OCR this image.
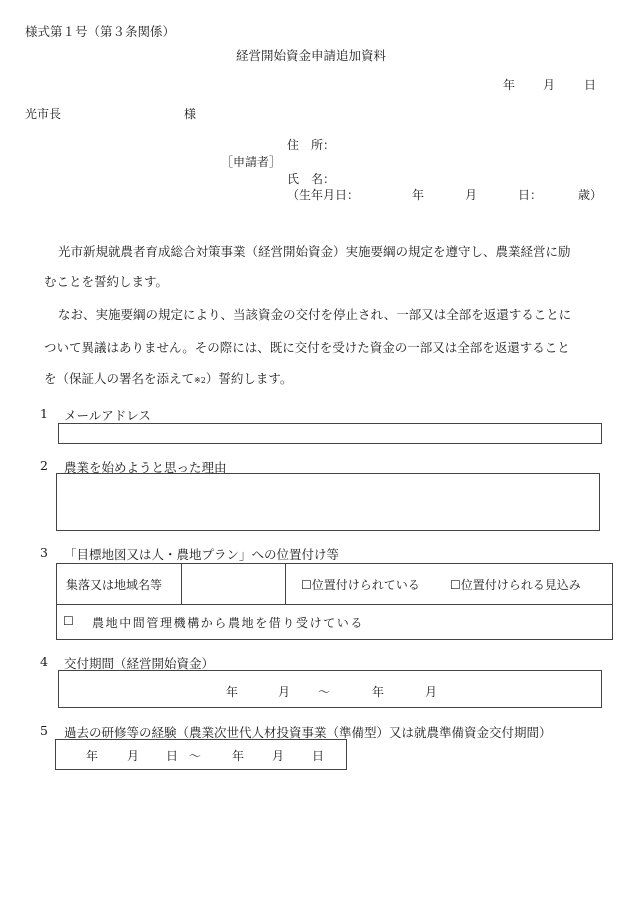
様式第１号（第３条関係）
経営開始資金申請追加資料
年 月 日
光市長	様
住　所：
［申請者］
氏　名：
（生年月日：	年	月	日：	歳）
光市新規就農者育成総合対策事業（経営開始資金）実施要綱の規定を遵守し、農業経営に励
むことを誓約します。
なお、実施要綱の規定により、当該資金の交付を停止され、一部又は全部を返還することに
ついて異議はありません。その際には、既に交付を受けた資金の一部又は全部を返還すること
を（保証人の署名を添えて※2）誓約します。
1 メールアドレス
2 農業を始めようと思った理由
3 「目標地図又は人・農地プラン」への位置付け等
集落又は地域名等	☐位置付けられている	☐位置付けられる見込み
☐ 農地中間管理機構から農地を借り受けている
4 交付期間（経営開始資金）
年	月 ～	年	月
5 過去の研修等の経験（農業次世代人材投資事業（準備型）又は就農準備資金交付期間）
年 月 日 ～	年 月 日
